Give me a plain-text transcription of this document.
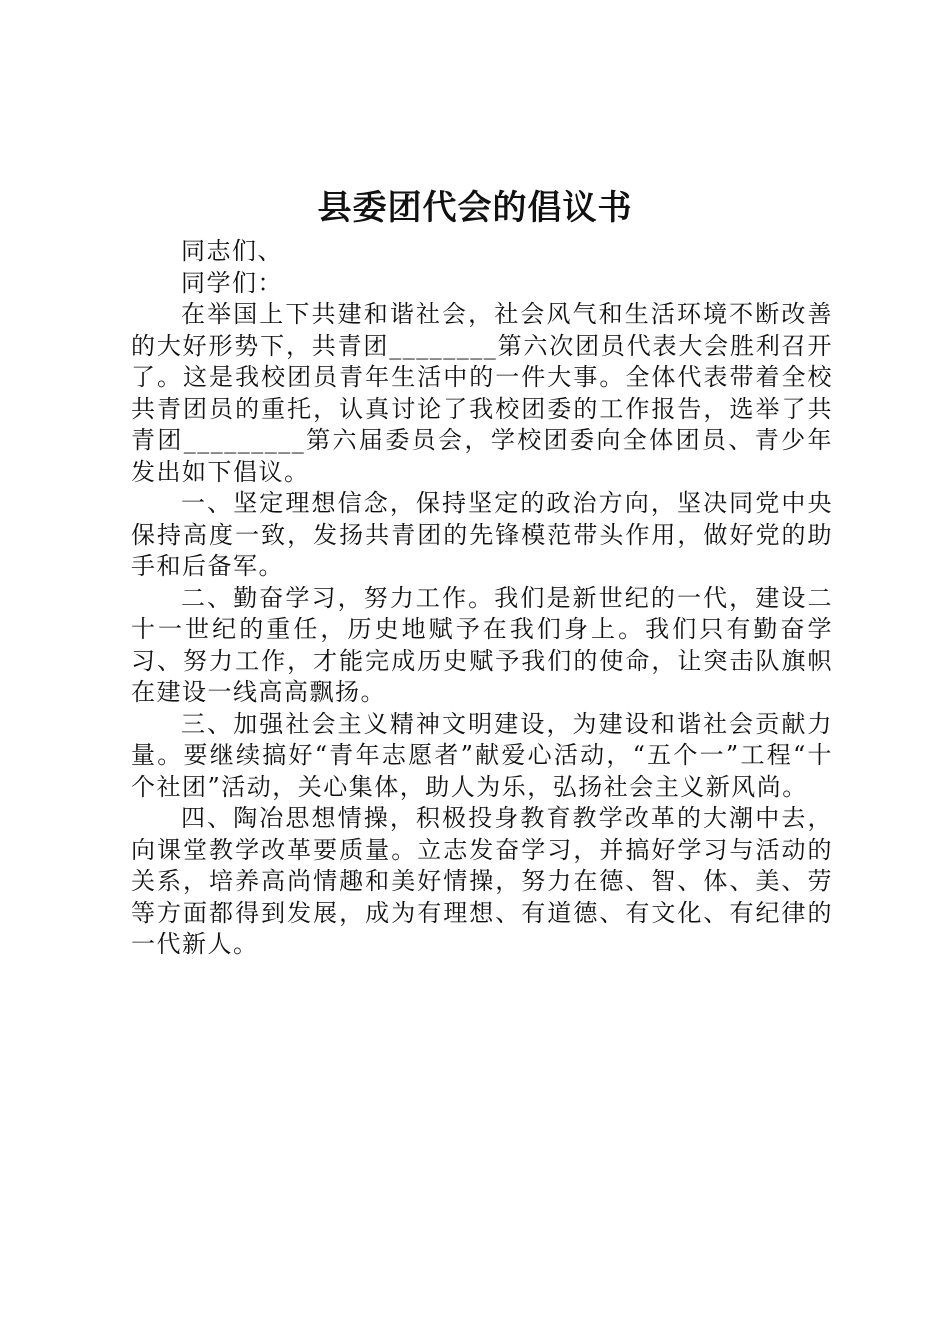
县委团代会的倡议书

同志们、

同学们：

在举国上下共建和谐社会，社会风气和生活环境不断改善的大好形势下，共青团________第六次团员代表大会胜利召开了。这是我校团员青年生活中的一件大事。全体代表带着全校共青团员的重托，认真讨论了我校团委的工作报告，选举了共青团_________第六届委员会，学校团委向全体团员、青少年发出如下倡议。

一、坚定理想信念，保持坚定的政治方向，坚决同党中央保持高度一致，发扬共青团的先锋模范带头作用，做好党的助手和后备军。

二、勤奋学习，努力工作。我们是新世纪的一代，建设二十一世纪的重任，历史地赋予在我们身上。我们只有勤奋学习、努力工作，才能完成历史赋予我们的使命，让突击队旗帜在建设一线高高飘扬。

三、加强社会主义精神文明建设，为建设和谐社会贡献力量。要继续搞好“青年志愿者”献爱心活动，“五个一”工程“十个社团”活动，关心集体，助人为乐，弘扬社会主义新风尚。

四、陶冶思想情操，积极投身教育教学改革的大潮中去，向课堂教学改革要质量。立志发奋学习，并搞好学习与活动的关系，培养高尚情趣和美好情操，努力在德、智、体、美、劳等方面都得到发展，成为有理想、有道德、有文化、有纪律的一代新人。
